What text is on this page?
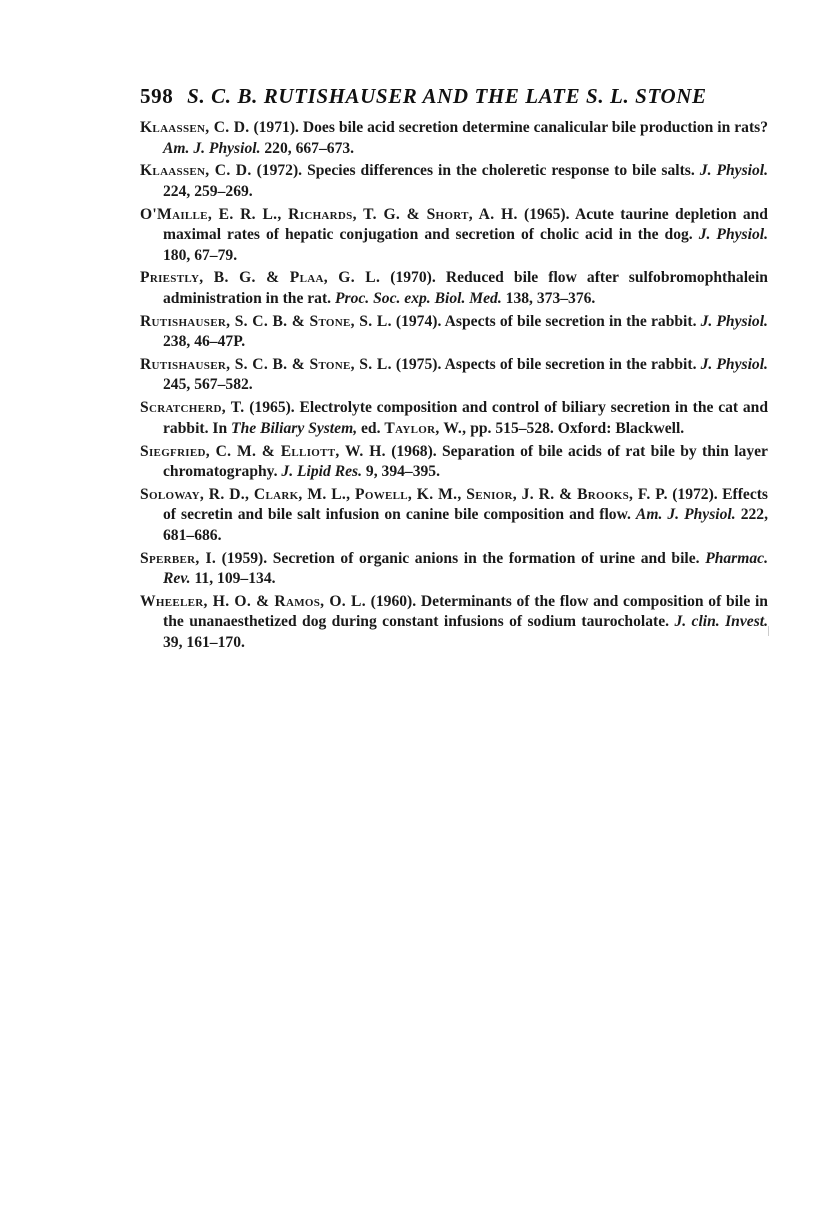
598 S. C. B. RUTISHAUSER AND THE LATE S. L. STONE
Klaassen, C. D. (1971). Does bile acid secretion determine canalicular bile production in rats? Am. J. Physiol. 220, 667–673.
Klaassen, C. D. (1972). Species differences in the choleretic response to bile salts. J. Physiol. 224, 259–269.
O'Maille, E. R. L., Richards, T. G. & Short, A. H. (1965). Acute taurine depletion and maximal rates of hepatic conjugation and secretion of cholic acid in the dog. J. Physiol. 180, 67–79.
Priestly, B. G. & Plaa, G. L. (1970). Reduced bile flow after sulfobromophthalein administration in the rat. Proc. Soc. exp. Biol. Med. 138, 373–376.
Rutishauser, S. C. B. & Stone, S. L. (1974). Aspects of bile secretion in the rabbit. J. Physiol. 238, 46–47P.
Rutishauser, S. C. B. & Stone, S. L. (1975). Aspects of bile secretion in the rabbit. J. Physiol. 245, 567–582.
Scratcherd, T. (1965). Electrolyte composition and control of biliary secretion in the cat and rabbit. In The Biliary System, ed. Taylor, W., pp. 515–528. Oxford: Blackwell.
Siegfried, C. M. & Elliott, W. H. (1968). Separation of bile acids of rat bile by thin layer chromatography. J. Lipid Res. 9, 394–395.
Soloway, R. D., Clark, M. L., Powell, K. M., Senior, J. R. & Brooks, F. P. (1972). Effects of secretin and bile salt infusion on canine bile composition and flow. Am. J. Physiol. 222, 681–686.
Sperber, I. (1959). Secretion of organic anions in the formation of urine and bile. Pharmac. Rev. 11, 109–134.
Wheeler, H. O. & Ramos, O. L. (1960). Determinants of the flow and composition of bile in the unanaesthetized dog during constant infusions of sodium taurocholate. J. clin. Invest. 39, 161–170.
